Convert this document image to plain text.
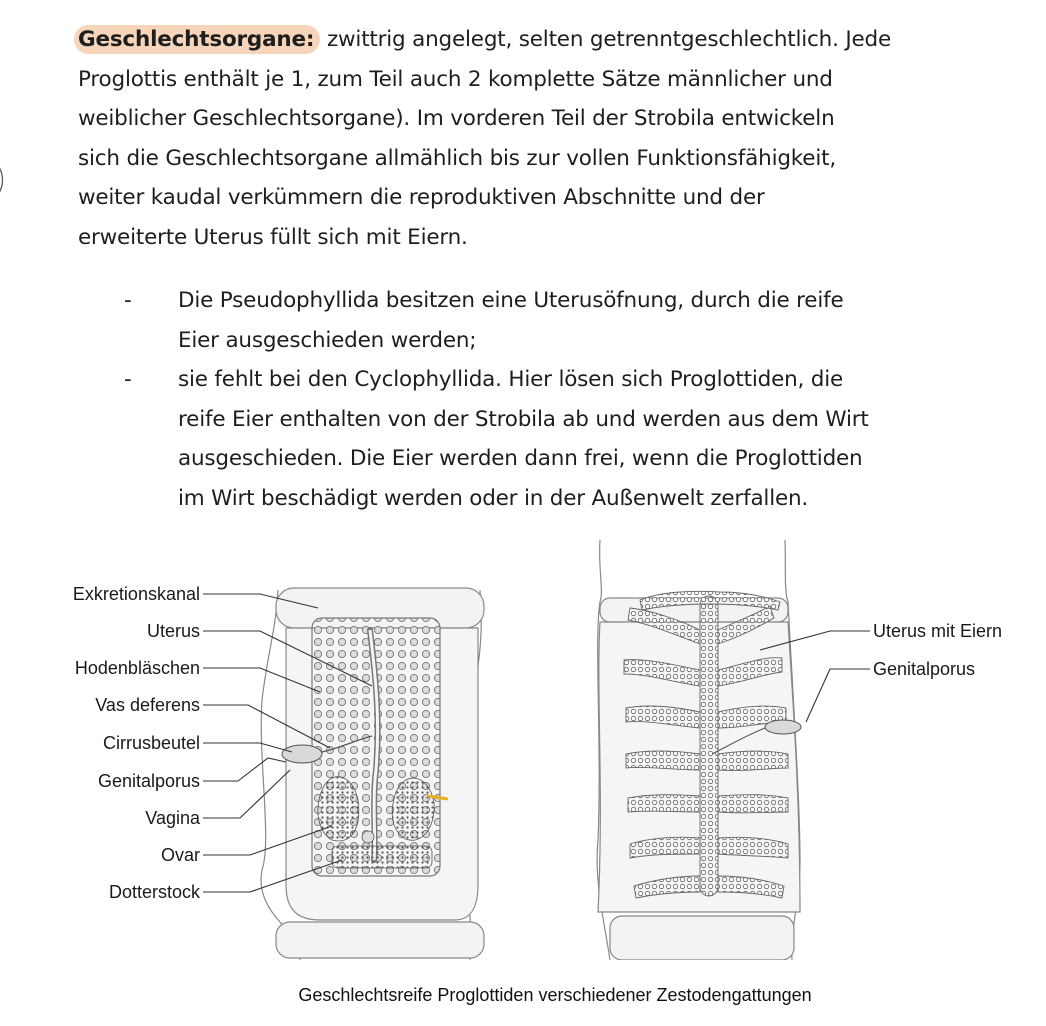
Geschlechtsorgane: zwittrig angelegt, selten getrenntgeschlechtlich. Jede
Proglottis enthält je 1, zum Teil auch 2 komplette Sätze männlicher und
weiblicher Geschlechtsorgane). Im vorderen Teil der Strobila entwickeln
sich die Geschlechtsorgane allmählich bis zur vollen Funktionsfähigkeit,
weiter kaudal verkümmern die reproduktiven Abschnitte und der
erweiterte Uterus füllt sich mit Eiern.
- Die Pseudophyllida besitzen eine Uterusöfnung, durch die reife
Eier ausgeschieden werden;
- sie fehlt bei den Cyclophyllida. Hier lösen sich Proglottiden, die
reife Eier enthalten von der Strobila ab und werden aus dem Wirt
ausgeschieden. Die Eier werden dann frei, wenn die Proglottiden
im Wirt beschädigt werden oder in der Außenwelt zerfallen.
Exkretionskanal
Uterus
Hodenbläschen
Vas deferens
Cirrusbeutel
Genitalporus
Vagina
Ovar
Dotterstock
Uterus mit Eiern
Genitalporus
Geschlechtsreife Proglottiden verschiedener Zestodengattungen
